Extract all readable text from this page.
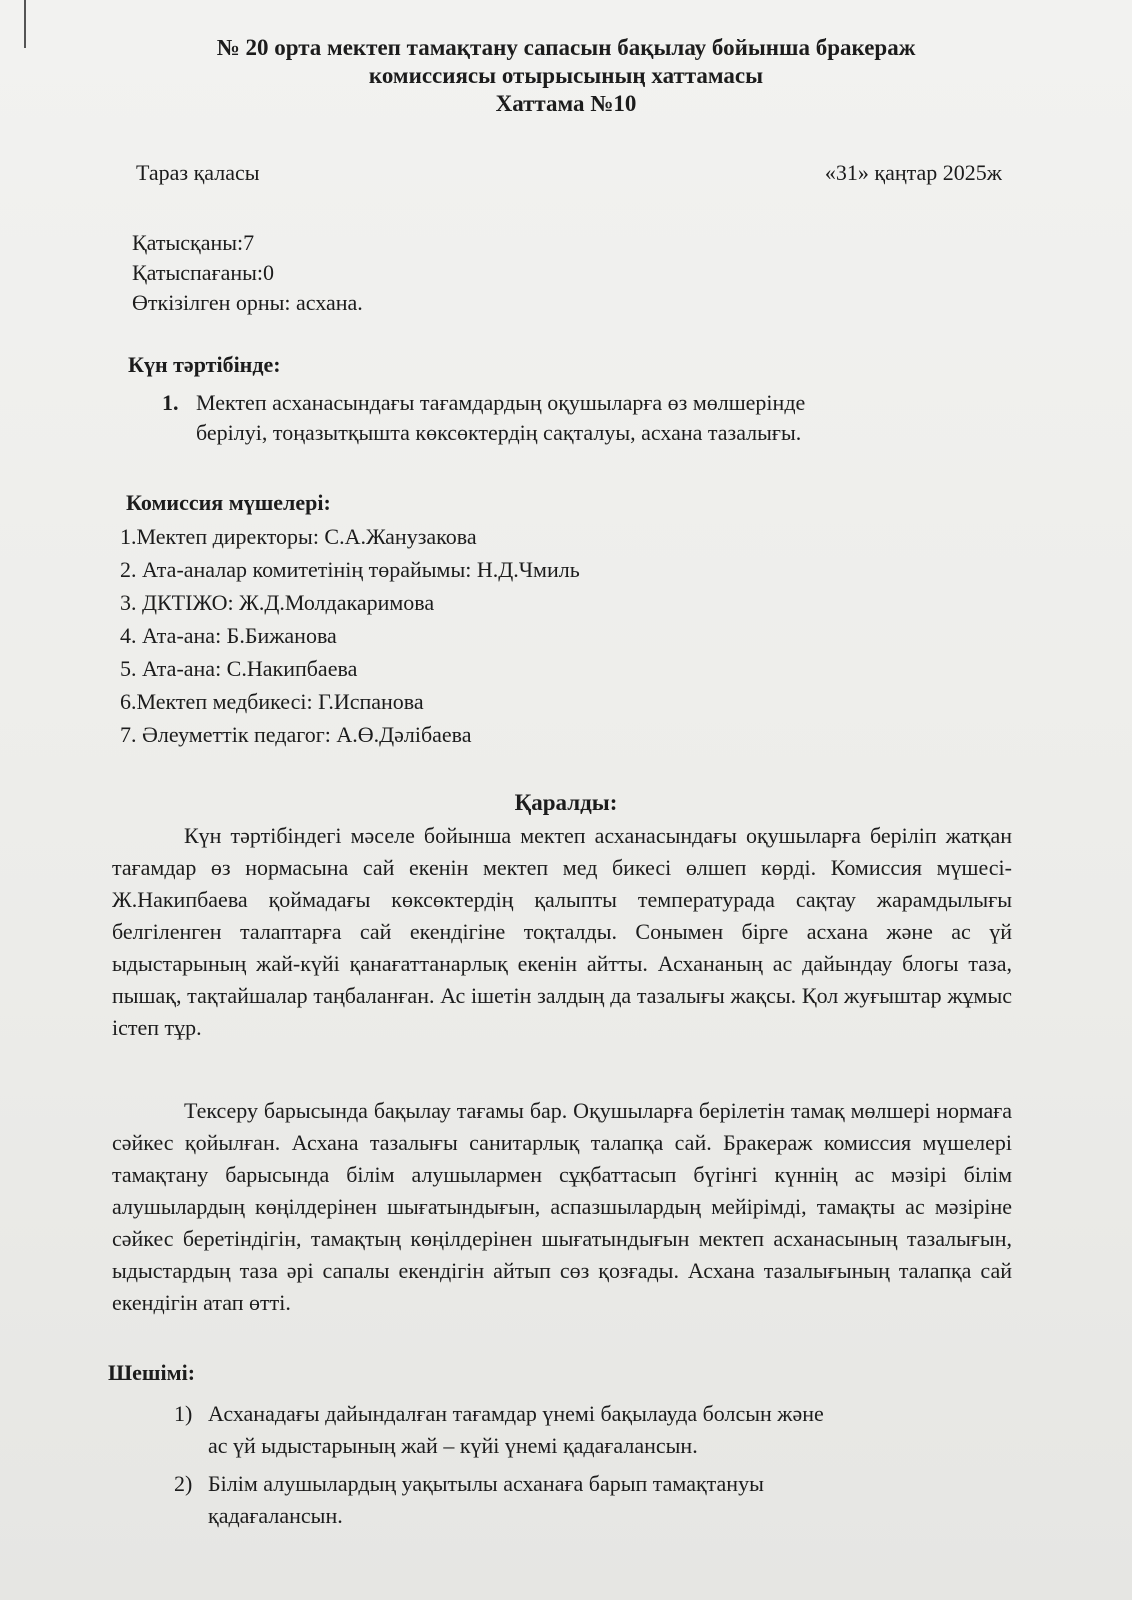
№ 20 орта мектеп тамақтану сапасын бақылау бойынша бракераж
комиссиясы отырысының хаттамасы
Хаттама №10
Тараз қаласы	«31» қаңтар 2025ж
Қатысқаны:7
Қатыспағаны:0
Өткізілген орны: асхана.
Күн тәртібінде:
1. Мектеп асханасындағы тағамдардың оқушыларға өз мөлшерінде
берілуі, тоңазытқышта көксөктердің сақталуы, асхана тазалығы.
Комиссия мүшелері:
1.Мектеп директоры: С.А.Жанузакова
2. Ата-аналар комитетінің төрайымы: Н.Д.Чмиль
3. ДКТІЖО: Ж.Д.Молдакаримова
4. Ата-ана: Б.Бижанова
5. Ата-ана: С.Накипбаева
6.Мектеп медбикесі: Г.Испанова
7. Әлеуметтік педагог: А.Ө.Дәлібаева
Қаралды:
Күн тәртібіндегі мәселе бойынша мектеп асханасындағы оқушыларға беріліп жатқан тағамдар өз нормасына сай екенін мектеп мед бикесі өлшеп көрді. Комиссия мүшесі- Ж.Накипбаева қоймадағы көксөктердің қалыпты температурада сақтау жарамдылығы белгіленген талаптарға сай екендігіне тоқталды. Сонымен бірге асхана және ас үй ыдыстарының жай-күйі қанағаттанарлық екенін айтты. Асхананың ас дайындау блогы таза, пышақ, тақтайшалар таңбаланған. Ас ішетін залдың да тазалығы жақсы. Қол жуғыштар жұмыс істеп тұр.
Тексеру барысында бақылау тағамы бар. Оқушыларға берілетін тамақ мөлшері нормаға сәйкес қойылған. Асхана тазалығы санитарлық талапқа сай. Бракераж комиссия мүшелері тамақтану барысында білім алушылармен сұқбаттасып бүгінгі күннің ас мәзірі білім алушылардың көңілдерінен шығатындығын, аспазшылардың мейірімді, тамақты ас мәзіріне сәйкес беретіндігін, тамақтың көңілдерінен шығатындығын мектеп асханасының тазалығын, ыдыстардың таза әрі сапалы екендігін айтып сөз қозғады. Асхана тазалығының талапқа сай екендігін атап өтті.
Шешімі:
1) Асханадағы дайындалған тағамдар үнемі бақылауда болсын және
ас үй ыдыстарының жай – күйі үнемі қадағалансын.
2) Білім алушылардың уақытылы асханаға барып тамақтануы
қадағалансын.
